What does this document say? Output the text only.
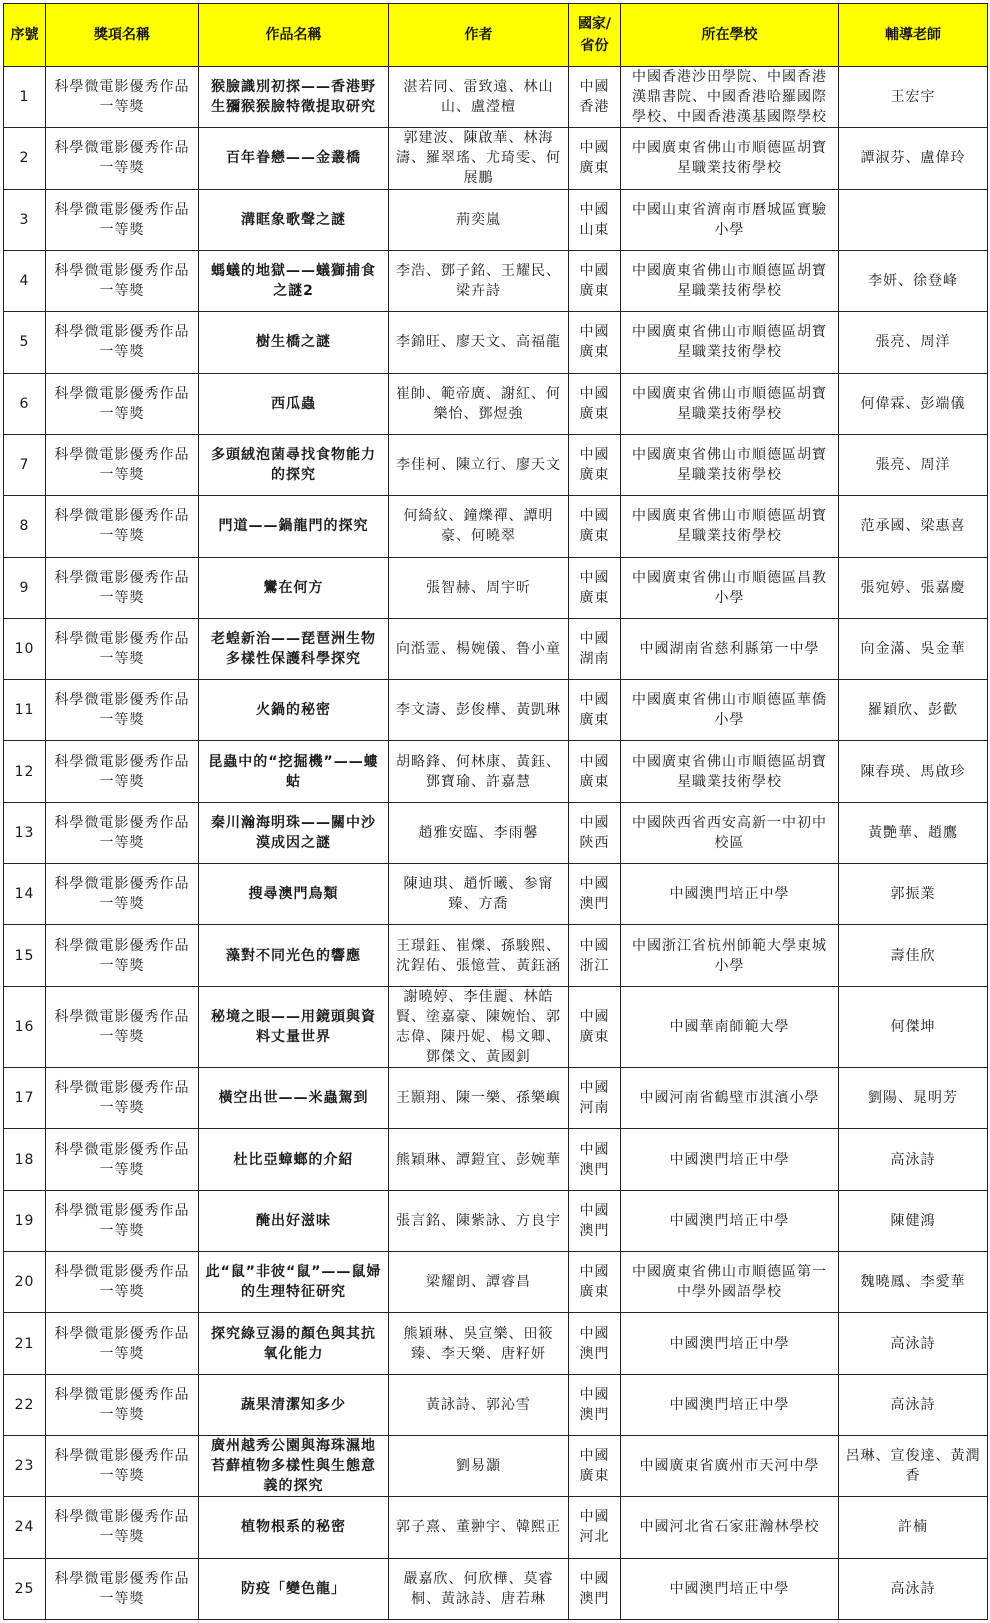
序號	獎項名稱	作品名稱	作者	國家/省份	所在學校	輔導老師
1	科學微電影優秀作品一等獎	猴臉識別初探——香港野生獼猴猴臉特徵提取研究	湛若同、雷致遠、林山山、盧瀅檀	中國香港	中國香港沙田學院、中國香港漢鼎書院、中國香港哈羅國際學校、中國香港漢基國際學校	王宏宇
2	科學微電影優秀作品一等獎	百年眷戀——金叢橋	郭建波、陳啟華、林海濤、羅翠瑤、尤琦雯、何展鵬	中國廣東	中國廣東省佛山市順德區胡寶星職業技術學校	譚淑芬、盧偉玲
3	科學微電影優秀作品一等獎	溝眶象歌聲之謎	荊奕嵐	中國山東	中國山東省濟南市曆城區實驗小學	
4	科學微電影優秀作品一等獎	螞蟻的地獄——蟻獅捕食之謎2	李浩、鄧子銘、王耀民、梁卉詩	中國廣東	中國廣東省佛山市順德區胡寶星職業技術學校	李妍、徐登峰
5	科學微電影優秀作品一等獎	樹生橋之謎	李錦旺、廖天文、高福龍	中國廣東	中國廣東省佛山市順德區胡寶星職業技術學校	張亮、周洋
6	科學微電影優秀作品一等獎	西瓜蟲	崔帥、範帝廣、謝紅、何樂怡、鄧煜強	中國廣東	中國廣東省佛山市順德區胡寶星職業技術學校	何偉霖、彭端儀
7	科學微電影優秀作品一等獎	多頭絨泡菌尋找食物能力的探究	李佳柯、陳立行、廖天文	中國廣東	中國廣東省佛山市順德區胡寶星職業技術學校	張亮、周洋
8	科學微電影優秀作品一等獎	門道——鍋龍門的探究	何綺紋、鐘爍禪、譚明豪、何曉翠	中國廣東	中國廣東省佛山市順德區胡寶星職業技術學校	范承國、梁惠喜
9	科學微電影優秀作品一等獎	鸞在何方	張智赫、周宇昕	中國廣東	中國廣東省佛山市順德區昌教小學	張宛婷、張嘉慶
10	科學微電影優秀作品一等獎	老蝗新治——琵琶洲生物多樣性保護科學探究	向湉霊、楊婉儀、鲁小童	中國湖南	中國湖南省慈利縣第一中學	向金滿、吳金華
11	科學微電影優秀作品一等獎	火鍋的秘密	李文濤、彭俊樺、黃凱琳	中國廣東	中國廣東省佛山市順德區華僑小學	羅穎欣、彭歡
12	科學微電影優秀作品一等獎	昆蟲中的“挖掘機”——螻蛄	胡略鋒、何林康、黃鈺、鄧寶瑜、許嘉慧	中國廣東	中國廣東省佛山市順德區胡寶星職業技術學校	陳春瑛、馬啟珍
13	科學微電影優秀作品一等獎	秦川瀚海明珠——關中沙漠成因之謎	趙雅安臨、李雨馨	中國陝西	中國陝西省西安高新一中初中校區	黃艷華、趙鷹
14	科學微電影優秀作品一等獎	搜尋澳門鳥類	陳迪琪、趙忻曦、参甯臻、方喬	中國澳門	中國澳門培正中學	郭振業
15	科學微電影優秀作品一等獎	藻對不同光色的響應	王璟鈺、崔爍、孫駿熙、沈鋥佑、張憶萱、黃鈺涵	中國浙江	中國浙江省杭州師範大學東城小學	壽佳欣
16	科學微電影優秀作品一等獎	秘境之眼——用鏡頭與資料丈量世界	謝曉婷、李佳麗、林皓賢、塗嘉豪、陳婉怡、郭志偉、陳丹妮、楊文卿、鄧傑文、黃國釗	中國廣東	中國華南師範大學	何傑坤
17	科學微電影優秀作品一等獎	橫空出世——米蟲駕到	王顥翔、陳一樂、孫樂嶼	中國河南	中國河南省鶴壁市淇濱小學	劉陽、晁明芳
18	科學微電影優秀作品一等獎	杜比亞蟑螂的介紹	熊穎琳、譚鎧宜、彭婉華	中國澳門	中國澳門培正中學	高泳詩
19	科學微電影優秀作品一等獎	醃出好滋味	張言銘、陳紫詠、方良宇	中國澳門	中國澳門培正中學	陳健鴻
20	科學微電影優秀作品一等獎	此“鼠”非彼“鼠”——鼠婦的生理特征研究	梁耀朗、譚睿昌	中國廣東	中國廣東省佛山市順德區第一中學外國語學校	魏曉鳳、李愛華
21	科學微電影優秀作品一等獎	探究綠豆湯的顏色與其抗氧化能力	熊穎琳、吳宣樂、田筱臻、李天樂、唐籽妍	中國澳門	中國澳門培正中學	高泳詩
22	科學微電影優秀作品一等獎	蔬果清潔知多少	黃詠詩、郭沁雪	中國澳門	中國澳門培正中學	高泳詩
23	科學微電影優秀作品一等獎	廣州越秀公園與海珠濕地苔蘚植物多樣性與生態意義的探究	劉易灝	中國廣東	中國廣東省廣州市天河中學	呂琳、宣俊達、黃潤香
24	科學微電影優秀作品一等獎	植物根系的秘密	郭子熹、董翀宇、韓熙正	中國河北	中國河北省石家莊瀚林學校	許楠
25	科學微電影優秀作品一等獎	防疫「變色龍」	嚴嘉欣、何欣樺、莫睿桐、黃詠詩、唐若琳	中國澳門	中國澳門培正中學	高泳詩
